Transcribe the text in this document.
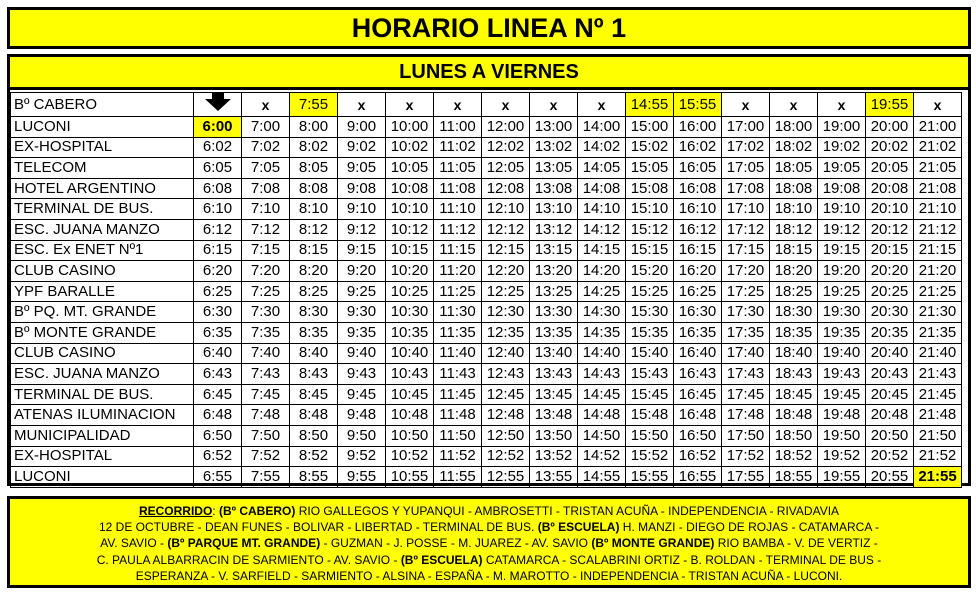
HORARIO LINEA Nº 1
LUNES A VIERNES
Bº CABERO		x	7:55	x	x	x	x	x	x	14:55	15:55	x	x	x	19:55	x
LUCONI	6:00	7:00	8:00	9:00	10:00	11:00	12:00	13:00	14:00	15:00	16:00	17:00	18:00	19:00	20:00	21:00
EX-HOSPITAL	6:02	7:02	8:02	9:02	10:02	11:02	12:02	13:02	14:02	15:02	16:02	17:02	18:02	19:02	20:02	21:02
TELECOM	6:05	7:05	8:05	9:05	10:05	11:05	12:05	13:05	14:05	15:05	16:05	17:05	18:05	19:05	20:05	21:05
HOTEL ARGENTINO	6:08	7:08	8:08	9:08	10:08	11:08	12:08	13:08	14:08	15:08	16:08	17:08	18:08	19:08	20:08	21:08
TERMINAL DE BUS.	6:10	7:10	8:10	9:10	10:10	11:10	12:10	13:10	14:10	15:10	16:10	17:10	18:10	19:10	20:10	21:10
ESC. JUANA MANZO	6:12	7:12	8:12	9:12	10:12	11:12	12:12	13:12	14:12	15:12	16:12	17:12	18:12	19:12	20:12	21:12
ESC. Ex ENET Nº1	6:15	7:15	8:15	9:15	10:15	11:15	12:15	13:15	14:15	15:15	16:15	17:15	18:15	19:15	20:15	21:15
CLUB CASINO	6:20	7:20	8:20	9:20	10:20	11:20	12:20	13:20	14:20	15:20	16:20	17:20	18:20	19:20	20:20	21:20
YPF BARALLE	6:25	7:25	8:25	9:25	10:25	11:25	12:25	13:25	14:25	15:25	16:25	17:25	18:25	19:25	20:25	21:25
Bº PQ. MT. GRANDE	6:30	7:30	8:30	9:30	10:30	11:30	12:30	13:30	14:30	15:30	16:30	17:30	18:30	19:30	20:30	21:30
Bº MONTE GRANDE	6:35	7:35	8:35	9:35	10:35	11:35	12:35	13:35	14:35	15:35	16:35	17:35	18:35	19:35	20:35	21:35
CLUB CASINO	6:40	7:40	8:40	9:40	10:40	11:40	12:40	13:40	14:40	15:40	16:40	17:40	18:40	19:40	20:40	21:40
ESC. JUANA MANZO	6:43	7:43	8:43	9:43	10:43	11:43	12:43	13:43	14:43	15:43	16:43	17:43	18:43	19:43	20:43	21:43
TERMINAL DE BUS.	6:45	7:45	8:45	9:45	10:45	11:45	12:45	13:45	14:45	15:45	16:45	17:45	18:45	19:45	20:45	21:45
ATENAS ILUMINACION	6:48	7:48	8:48	9:48	10:48	11:48	12:48	13:48	14:48	15:48	16:48	17:48	18:48	19:48	20:48	21:48
MUNICIPALIDAD	6:50	7:50	8:50	9:50	10:50	11:50	12:50	13:50	14:50	15:50	16:50	17:50	18:50	19:50	20:50	21:50
EX-HOSPITAL	6:52	7:52	8:52	9:52	10:52	11:52	12:52	13:52	14:52	15:52	16:52	17:52	18:52	19:52	20:52	21:52
LUCONI	6:55	7:55	8:55	9:55	10:55	11:55	12:55	13:55	14:55	15:55	16:55	17:55	18:55	19:55	20:55	21:55
RECORRIDO: (Bº CABERO) RIO GALLEGOS Y YUPANQUI - AMBROSETTI - TRISTAN ACUÑA - INDEPENDENCIA - RIVADAVIA
12 DE OCTUBRE - DEAN FUNES - BOLIVAR - LIBERTAD - TERMINAL DE BUS. (Bº ESCUELA) H. MANZI - DIEGO DE ROJAS - CATAMARCA -
AV. SAVIO - (Bº PARQUE MT. GRANDE) - GUZMAN - J. POSSE - M. JUAREZ - AV. SAVIO (Bº MONTE GRANDE) RIO BAMBA - V. DE VERTIZ -
C. PAULA ALBARRACIN DE SARMIENTO - AV. SAVIO - (Bº ESCUELA) CATAMARCA - SCALABRINI ORTIZ - B. ROLDAN - TERMINAL DE BUS -
ESPERANZA - V. SARFIELD - SARMIENTO - ALSINA - ESPAÑA - M. MAROTTO - INDEPENDENCIA - TRISTAN ACUÑA - LUCONI.
